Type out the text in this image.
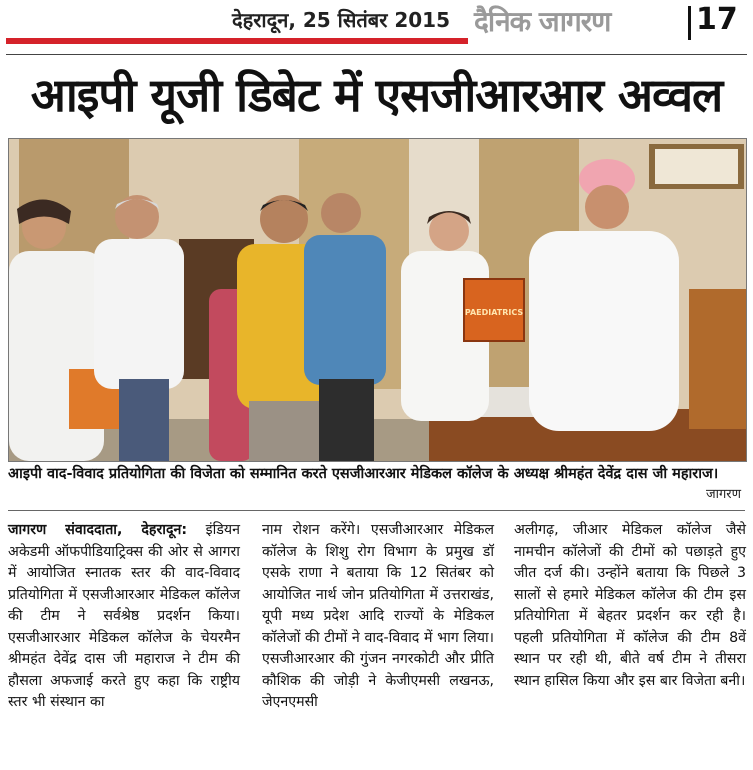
देहरादून, 25 सितंबर 2015 दैनिक जागरण	17
आइपी यूजी डिबेट में एसजीआरआर अव्वल
PAEDIATRICS
आइपी वाद-विवाद प्रतियोगिता की विजेता को सम्मानित करते एसजीआरआर मेडिकल कॉलेज के अध्यक्ष श्रीमहंत देवेंद्र दास जी महाराज।
जागरण
जागरण संवाददाता, देहरादून: इंडियन अकेडमी ऑफपीडियाट्रिक्स की ओर से आगरा में आयोजित स्नातक स्तर की वाद-विवाद प्रतियोगिता में एसजीआरआर मेडिकल कॉलेज की टीम ने सर्वश्रेष्ठ प्रदर्शन किया। एसजीआरआर मेडिकल कॉलेज के चेयरमैन श्रीमहंत देवेंद्र दास जी महाराज ने टीम की हौसला अफजाई करते हुए कहा कि राष्ट्रीय स्तर भी संस्थान का
नाम रोशन करेंगे। एसजीआरआर मेडिकल कॉलेज के शिशु रोग विभाग के प्रमुख डॉ एसके राणा ने बताया कि 12 सितंबर को आयोजित नार्थ जोन प्रतियोगिता में उत्तराखंड, यूपी मध्य प्रदेश आदि राज्यों के मेडिकल कॉलेजों की टीमों ने वाद-विवाद में भाग लिया। एसजीआरआर की गुंजन नगरकोटी और प्रीति कौशिक की जोड़ी ने केजीएमसी लखनऊ, जेएनएमसी
अलीगढ़, जीआर मेडिकल कॉलेज जैसे नामचीन कॉलेजों की टीमों को पछाड़ते हुए जीत दर्ज की। उन्होंने बताया कि पिछले 3 सालों से हमारे मेडिकल कॉलेज की टीम इस प्रतियोगिता में बेहतर प्रदर्शन कर रही है। पहली प्रतियोगिता में कॉलेज की टीम 8वें स्थान पर रही थी, बीते वर्ष टीम ने तीसरा स्थान हासिल किया और इस बार विजेता बनी।
